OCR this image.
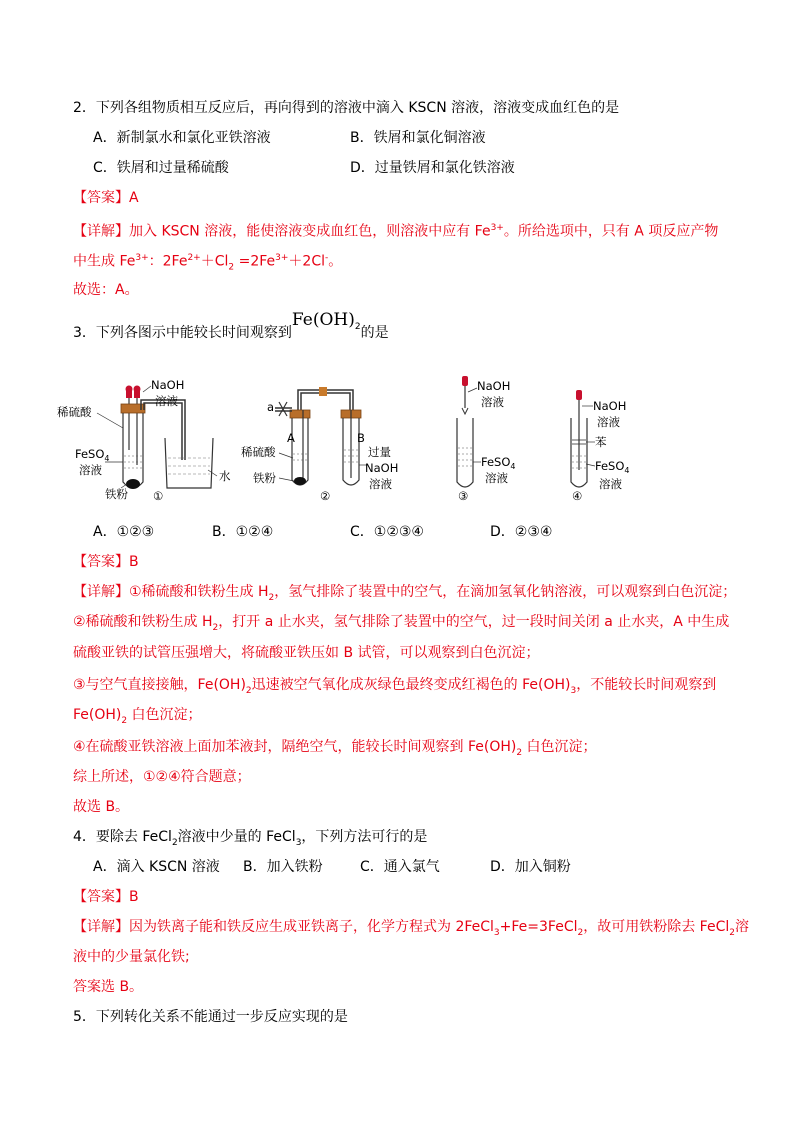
2．下列各组物质相互反应后，再向得到的溶液中滴入 KSCN 溶液，溶液变成血红色的是
A．新制氯水和氯化亚铁溶液	B．铁屑和氯化铜溶液
C．铁屑和过量稀硫酸	D．过量铁屑和氯化铁溶液
【答案】A
【详解】加入 KSCN 溶液，能使溶液变成血红色，则溶液中应有 $Fe^{3+}$。所给选项中，只有 A 项反应产物
中生成 $Fe^{3+}$：$2Fe^{2+}+Cl_2 =2Fe^{3+}+2Cl^-$。
故选：A。
3．下列各图示中能较长时间观察到$Fe(OH)_2$的是
NaOH
溶液
稀硫酸
FeSO$_4$
溶液	水
铁粉 ①
a
A	B
稀硫酸
铁粉
过量
NaOH
溶液
②
NaOH
溶液
FeSO$_4$
溶液
③
NaOH
溶液
苯
FeSO$_4$
溶液
④
A．①②③	B．①②④	C．①②③④	D．②③④
【答案】B
【详解】①稀硫酸和铁粉生成 $H_2$，氢气排除了装置中的空气，在滴加氢氧化钠溶液，可以观察到白色沉淀；
②稀硫酸和铁粉生成 $H_2$，打开 a 止水夹，氢气排除了装置中的空气，过一段时间关闭 a 止水夹，A 中生成
硫酸亚铁的试管压强增大，将硫酸亚铁压如 B 试管，可以观察到白色沉淀；
③与空气直接接触，$Fe(OH)_2$迅速被空气氧化成灰绿色最终变成红褐色的 $Fe(OH)_3$，不能较长时间观察到
$Fe(OH)_2$ 白色沉淀；
④在硫酸亚铁溶液上面加苯液封，隔绝空气，能较长时间观察到 $Fe(OH)_2$ 白色沉淀；
综上所述，①②④符合题意；
故选 B。
4．要除去 FeCl$_2$溶液中少量的 FeCl$_3$，下列方法可行的是
A．滴入 KSCN 溶液 B．加入铁粉	C．通入氯气	D．加入铜粉
【答案】B
【详解】因为铁离子能和铁反应生成亚铁离子，化学方程式为 2FeCl$_3$+Fe=3FeCl$_2$，故可用铁粉除去 FeCl$_2$溶
液中的少量氯化铁;
答案选 B。
5．下列转化关系不能通过一步反应实现的是
